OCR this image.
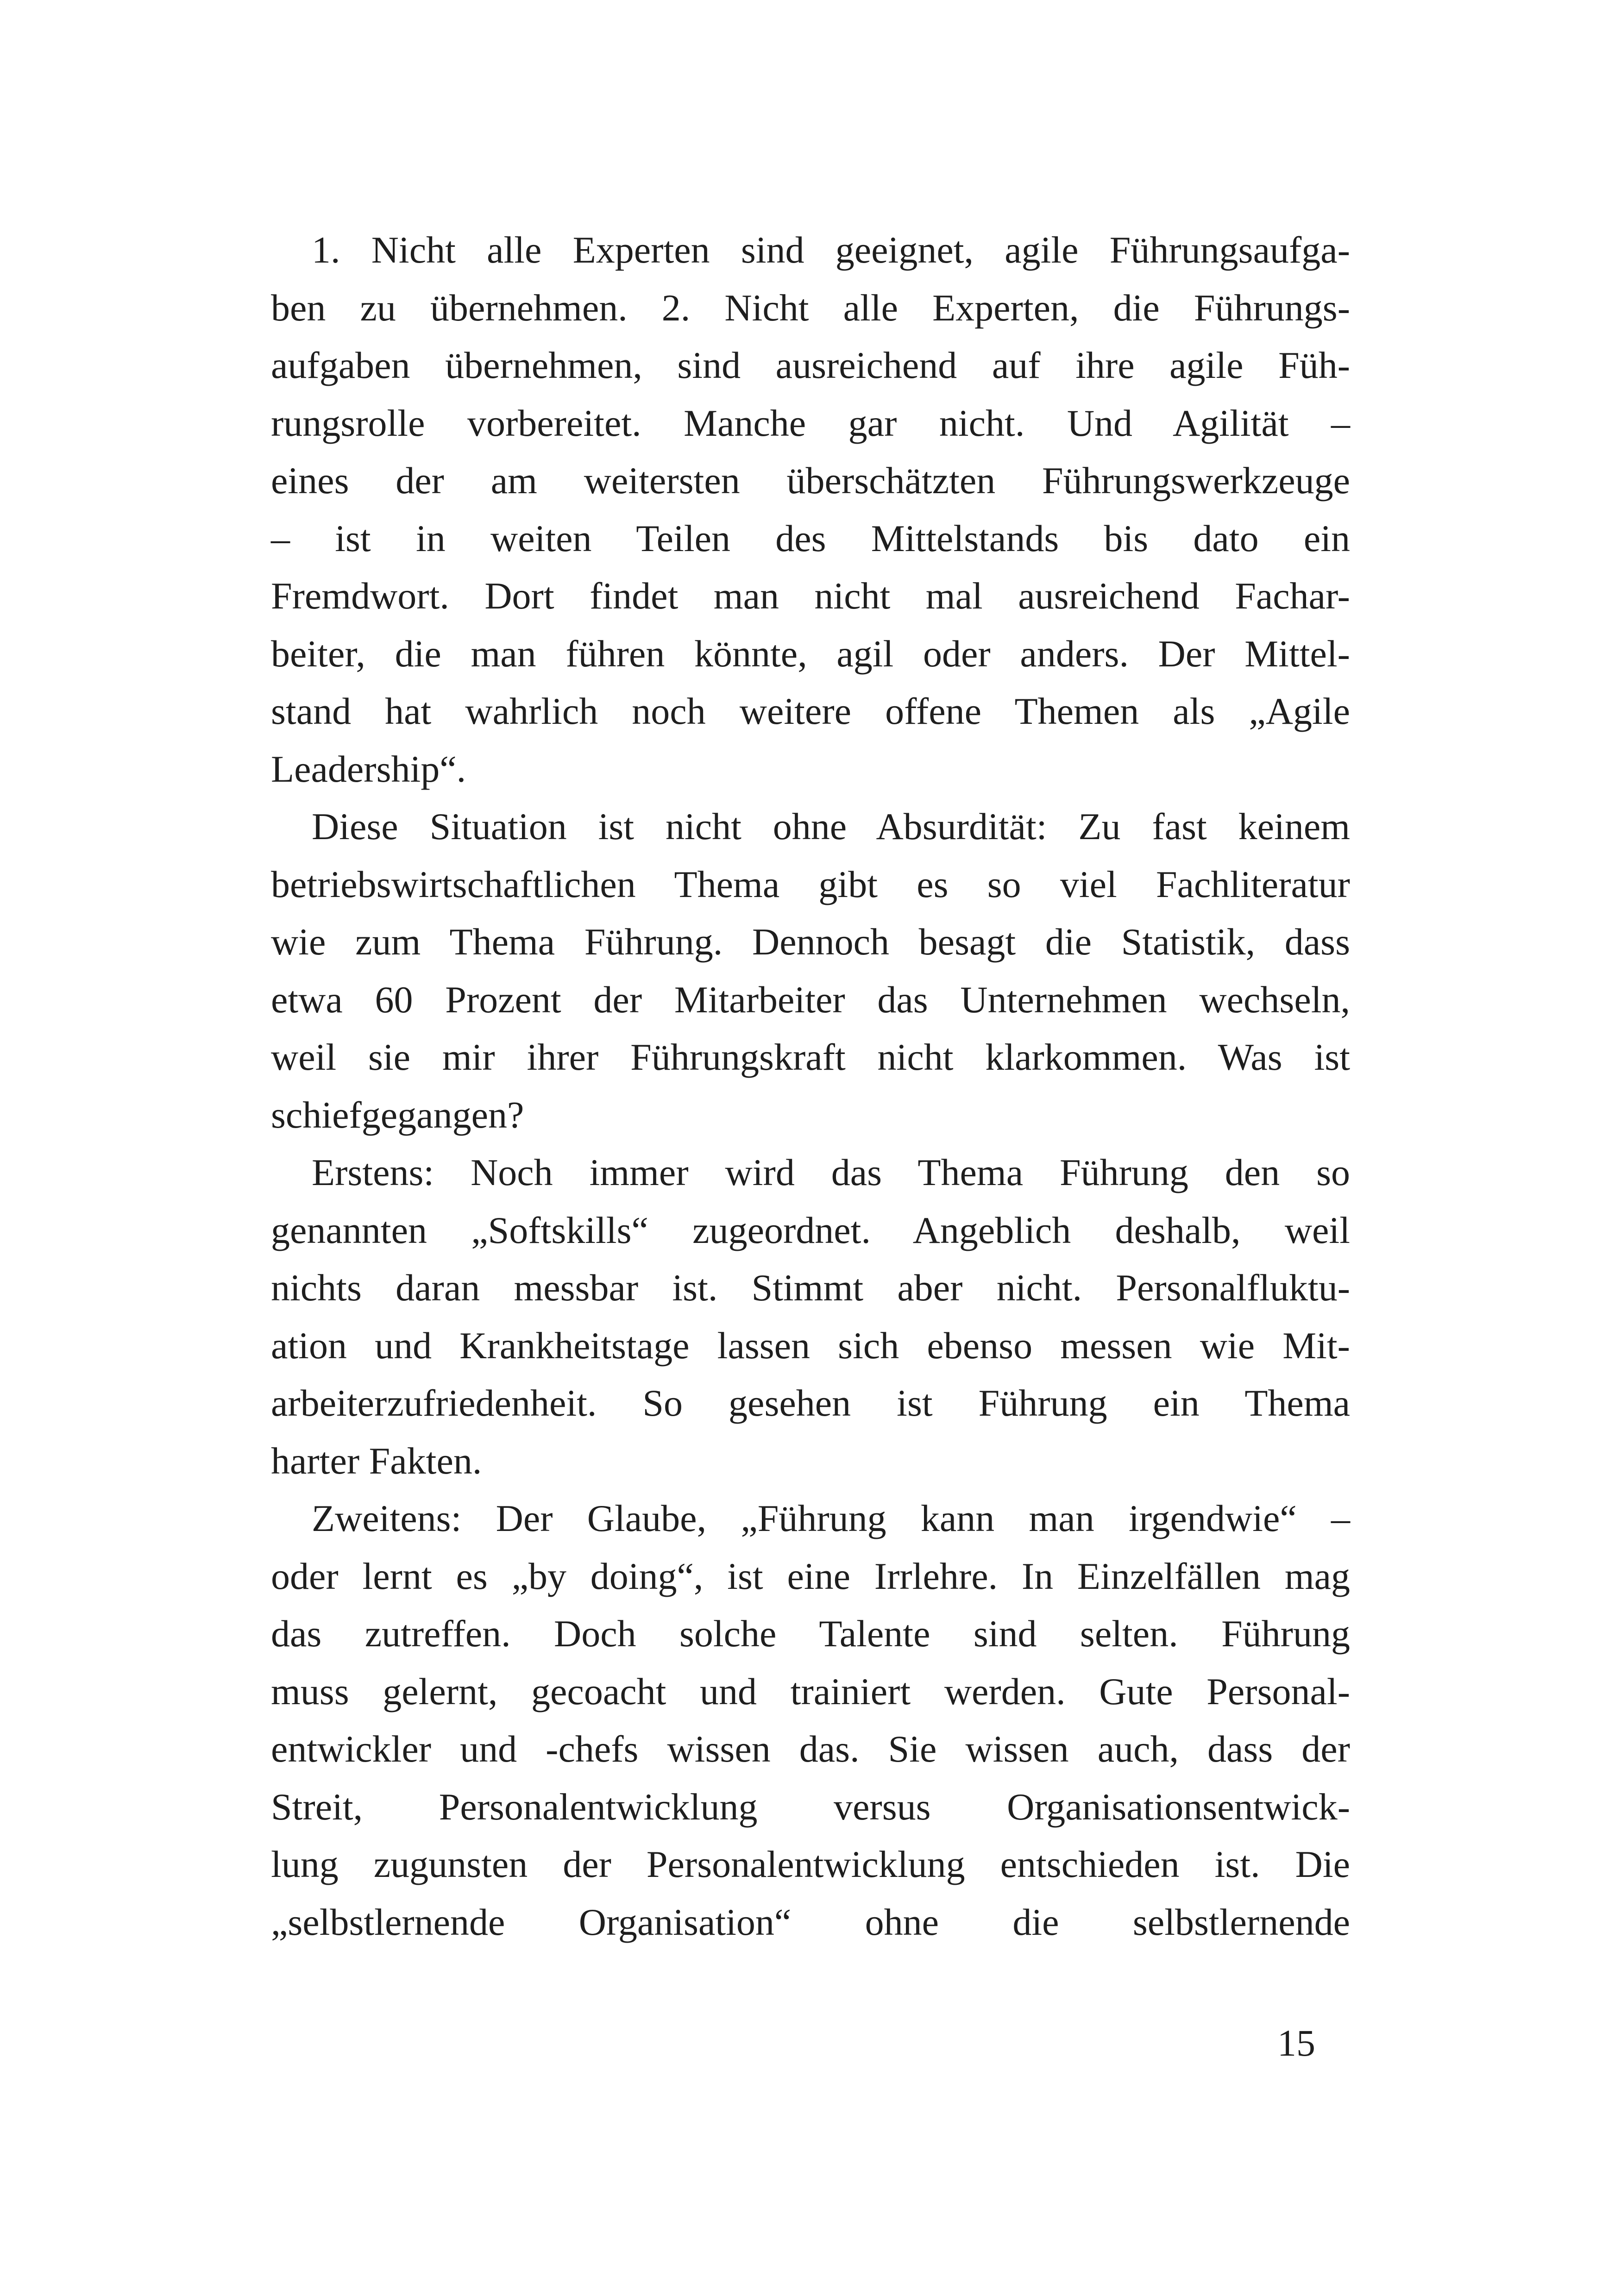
1. Nicht alle Experten sind geeignet, agile Führungsaufga-
ben zu übernehmen. 2. Nicht alle Experten, die Führungs-
aufgaben übernehmen, sind ausreichend auf ihre agile Füh-
rungsrolle vorbereitet. Manche gar nicht. Und Agilität –
eines der am weitersten überschätzten Führungswerkzeuge
– ist in weiten Teilen des Mittelstands bis dato ein
Fremdwort. Dort findet man nicht mal ausreichend Fachar-
beiter, die man führen könnte, agil oder anders. Der Mittel-
stand hat wahrlich noch weitere offene Themen als „Agile
Leadership“.
Diese Situation ist nicht ohne Absurdität: Zu fast keinem
betriebswirtschaftlichen Thema gibt es so viel Fachliteratur
wie zum Thema Führung. Dennoch besagt die Statistik, dass
etwa 60 Prozent der Mitarbeiter das Unternehmen wechseln,
weil sie mir ihrer Führungskraft nicht klarkommen. Was ist
schiefgegangen?
Erstens: Noch immer wird das Thema Führung den so
genannten „Softskills“ zugeordnet. Angeblich deshalb, weil
nichts daran messbar ist. Stimmt aber nicht. Personalfluktu-
ation und Krankheitstage lassen sich ebenso messen wie Mit-
arbeiterzufriedenheit. So gesehen ist Führung ein Thema
harter Fakten.
Zweitens: Der Glaube, „Führung kann man irgendwie“ –
oder lernt es „by doing“, ist eine Irrlehre. In Einzelfällen mag
das zutreffen. Doch solche Talente sind selten. Führung
muss gelernt, gecoacht und trainiert werden. Gute Personal-
entwickler und -chefs wissen das. Sie wissen auch, dass der
Streit, Personalentwicklung versus Organisationsentwick-
lung zugunsten der Personalentwicklung entschieden ist. Die
„selbstlernende Organisation“ ohne die selbstlernende
15
